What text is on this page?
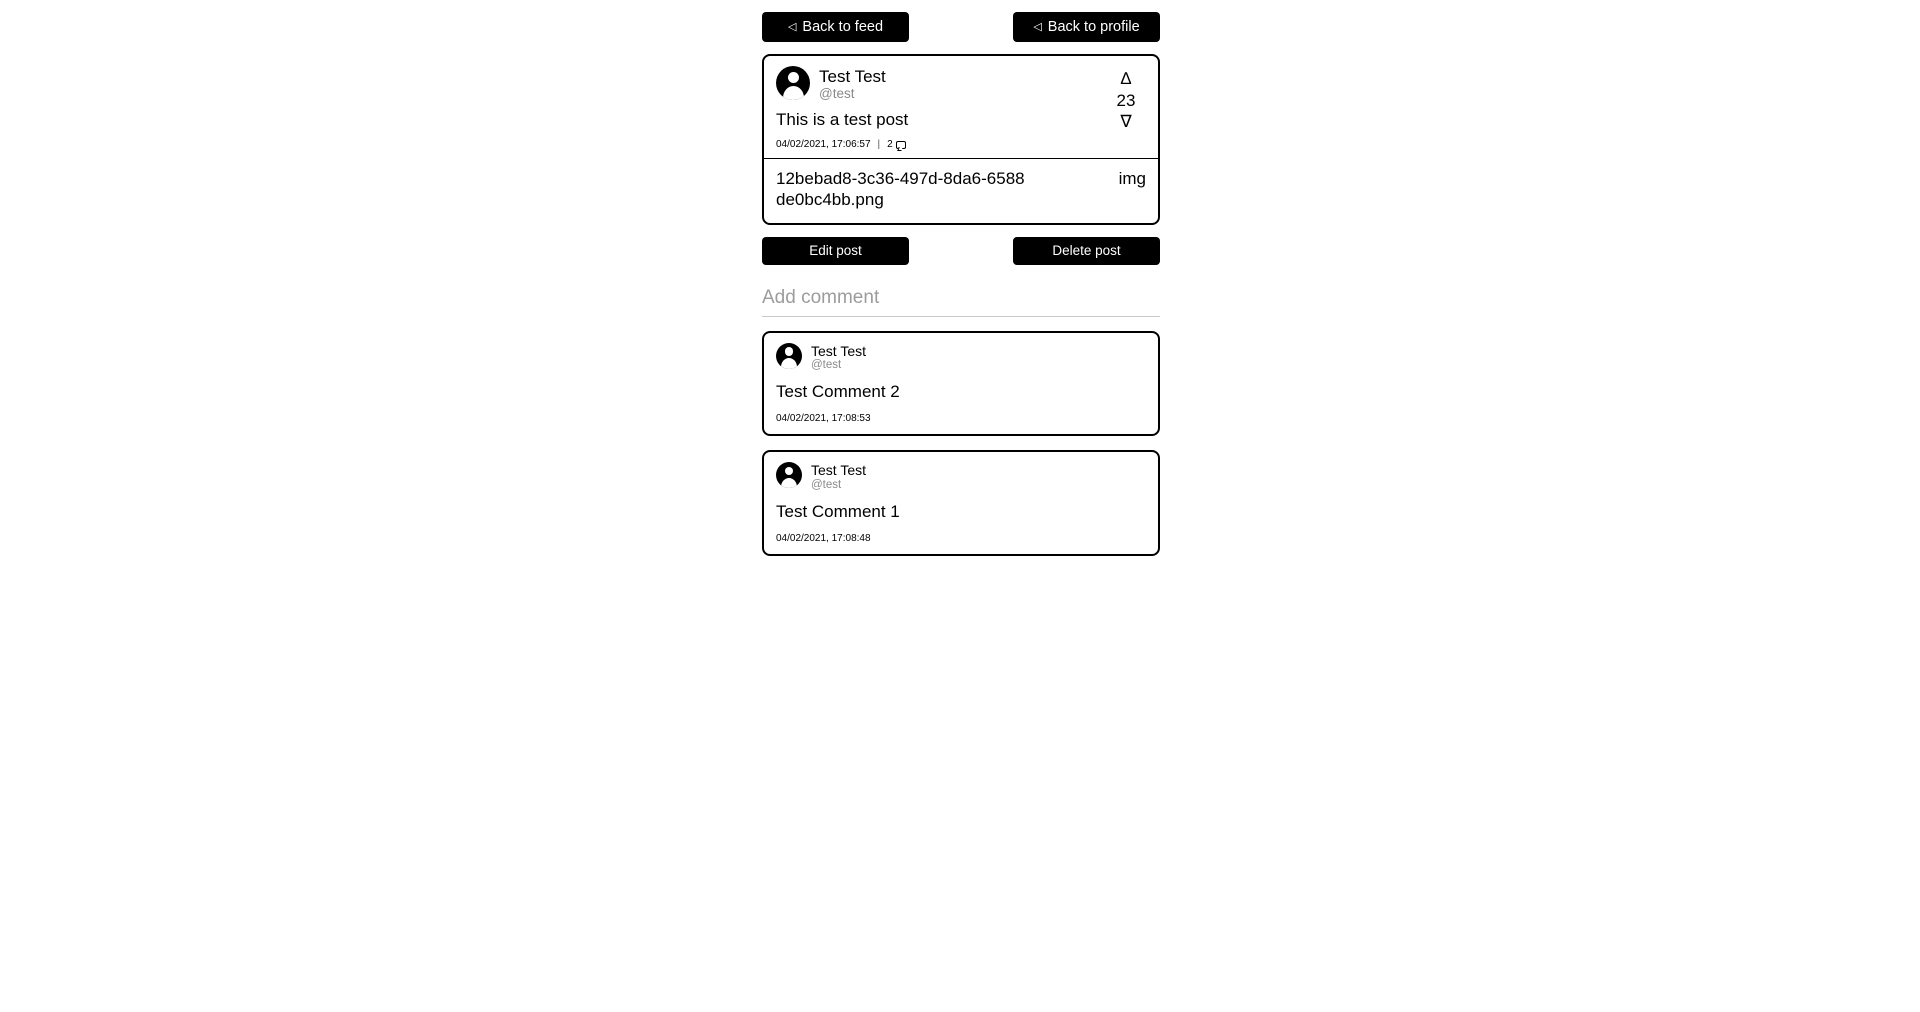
◁ Back to feed	◁ Back to profile
Test Test
@test
This is a test post
04/02/2021, 17:06:57 | 2
∆
23
∇
12bebad8-3c36-497d-8da6-6588de0bc4bb.png
img
Edit post	Delete post
Add comment
Test Test
@test
Test Comment 2
04/02/2021, 17:08:53
Test Test
@test
Test Comment 1
04/02/2021, 17:08:48
